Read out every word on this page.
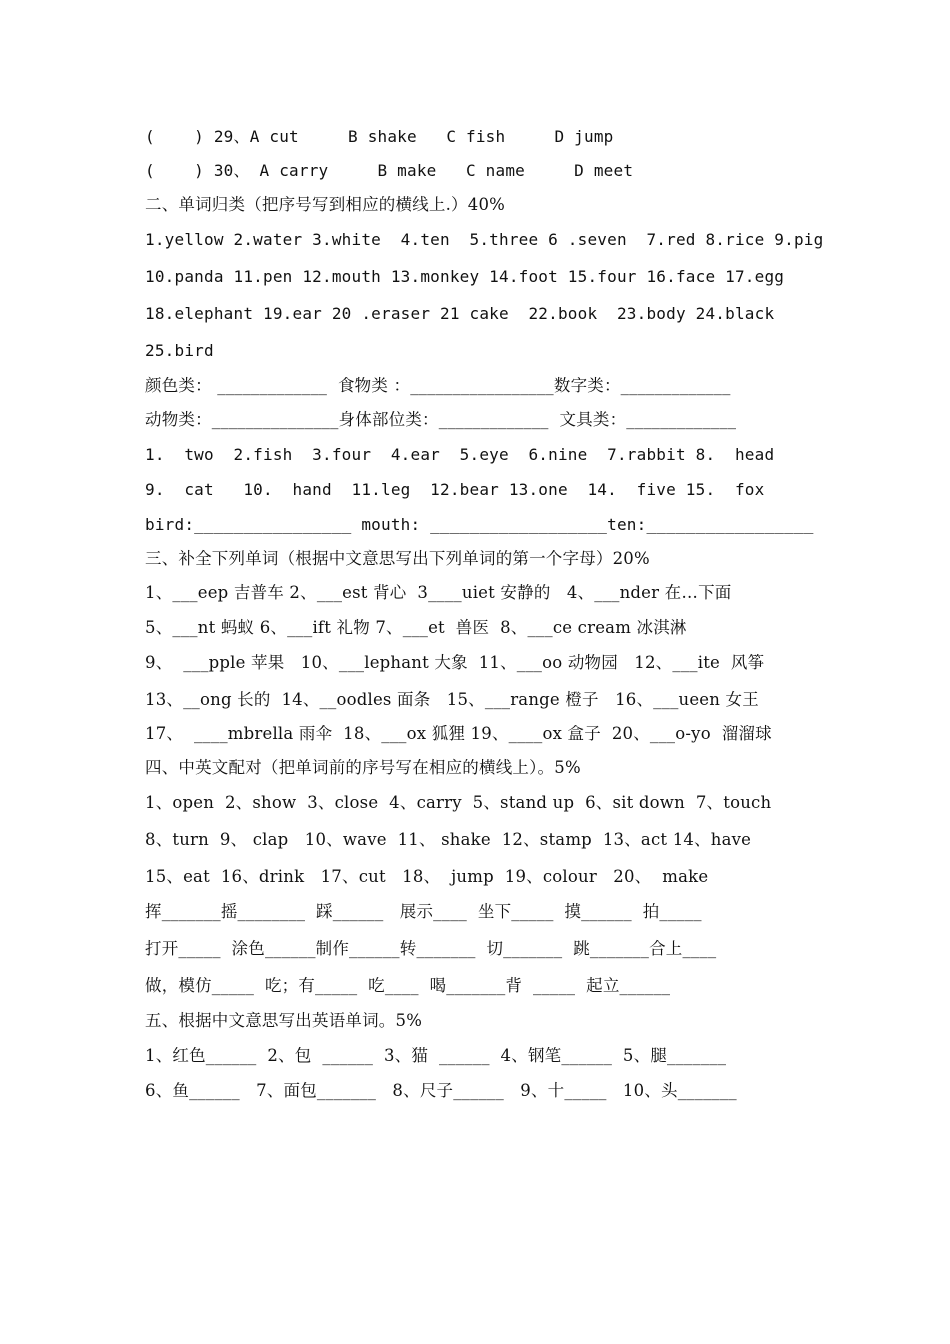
(    ) 29、A cut     B shake   C fish     D jump
(    ) 30、 A carry     B make   C name     D meet
二、单词归类（把序号写到相应的横线上.）40%
1.yellow 2.water 3.white  4.ten  5.three 6 .seven  7.red 8.rice 9.pig
10.panda 11.pen 12.mouth 13.monkey 14.foot 15.four 16.face 17.egg
18.elephant 19.ear 20 .eraser 21 cake  22.book  23.body 24.black
25.bird
颜色类： _____________  食物类 ：_________________数字类：_____________
动物类：_______________身体部位类：_____________  文具类：_____________
1.  two  2.fish  3.four  4.ear  5.eye  6.nine  7.rabbit 8.  head
9.  cat   10.  hand  11.leg  12.bear 13.one  14.  five 15.  fox
bird:________________ mouth: __________________ten:_________________
三、补全下列单词（根据中文意思写出下列单词的第一个字母）20%
1、___eep 吉普车 2、___est 背心  3____uiet 安静的   4、___nder 在…下面
5、___nt 蚂蚁 6、___ift 礼物 7、___et  兽医  8、___ce cream 冰淇淋
9、  ___pple 苹果   10、___lephant 大象  11、___oo 动物园   12、___ite  风筝
13、__ong 长的  14、__oodles 面条   15、___range 橙子   16、___ueen 女王
17、  ____mbrella 雨伞  18、___ox 狐狸 19、____ox 盒子  20、___o-yo  溜溜球
四、中英文配对（把单词前的序号写在相应的横线上）。5%
1、open  2、show  3、close  4、carry  5、stand up  6、sit down  7、touch
8、turn  9、 clap   10、wave  11、 shake  12、stamp  13、act 14、have
15、eat  16、drink   17、cut   18、  jump  19、colour   20、  make
挥_______摇________  踩______   展示____  坐下_____  摸______  拍_____
打开_____  涂色______制作______转_______  切_______  跳_______合上____
做，模仿_____  吃；有_____  吃____  喝_______背  _____  起立______
五、根据中文意思写出英语单词。5%
1、红色______  2、包  ______  3、猫  ______  4、钢笔______  5、腿_______
6、鱼______   7、面包_______   8、尺子______   9、十_____   10、头_______
